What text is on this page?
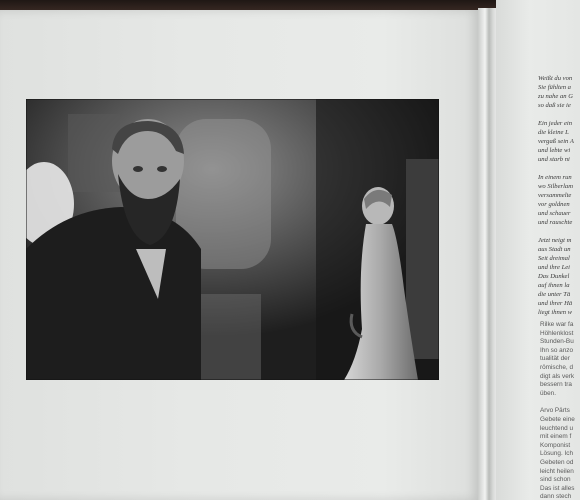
Weißt du von
Sie fühlten a
zu nahe an G
so daß sie ie
Ein jeder ein
die kleine L
vergaß sein A
und lebte wi
und starb ni
In einem run
wo Silberlam
versammelte
vor goldnen
und schauer
und rauschte
Jetzt neigt m
aus Stadt un
Seit dreimal
und ihre Lei
Das Dunkel
auf ihnen la
die unter Tä
und ihrer Hä
liegt ihnen w
Rilke war fa
Höhlenklost
Stunden-Bu
Ihn so anzo
tualität der
römische, d
digt als verk
bessern tra
üben.
Arvo Pärts
Gebete eine
leuchtend u
mit einem f
Komponist
Lösung. Ich
Gebeten od
leicht heilen
sind schon
Das ist alles
dann stech
